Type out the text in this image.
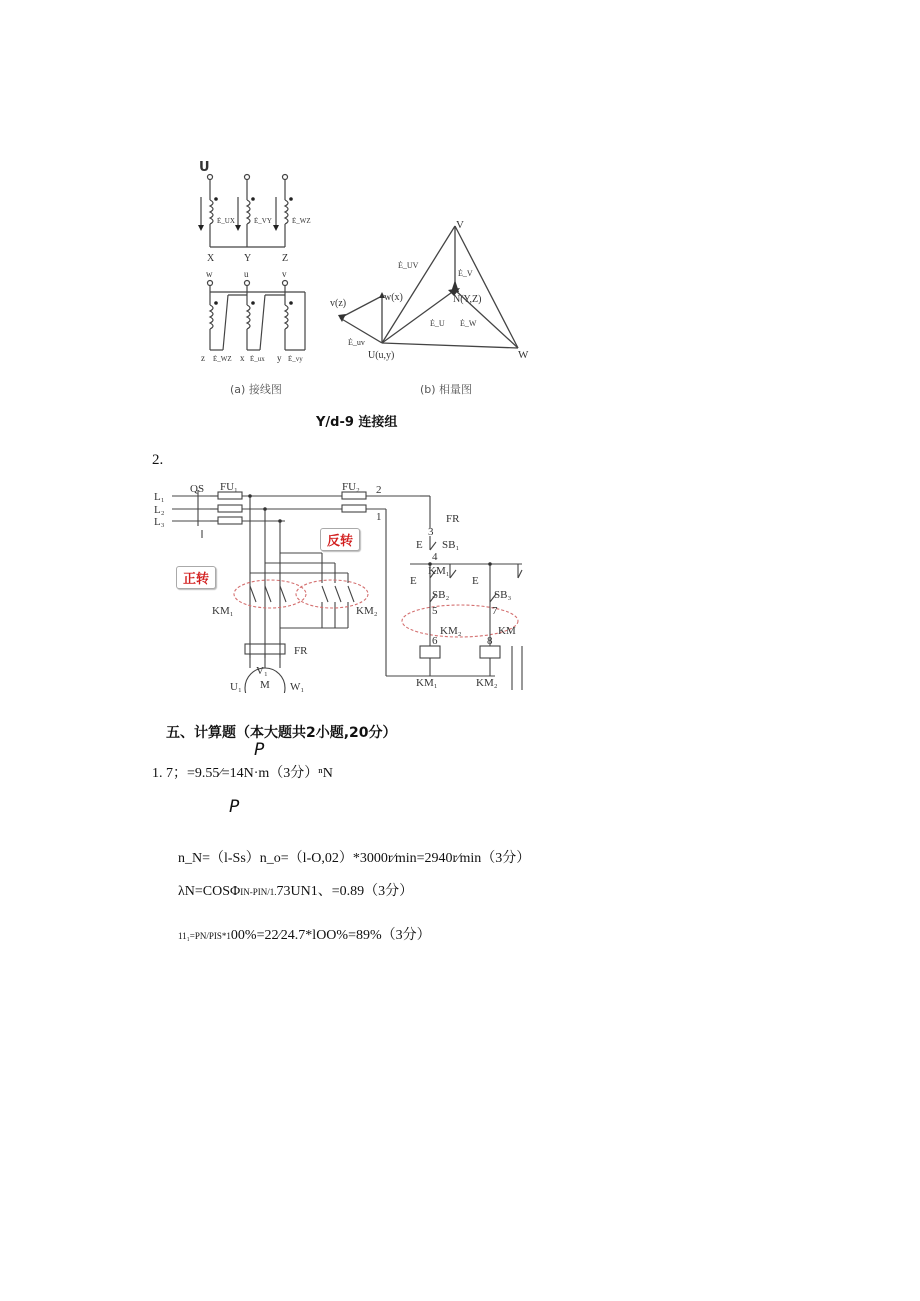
U
Ė_UX	Ė_VY	Ė_WZ
X	Y	Z
w	u	v
z	x	y
Ė_WZ	Ė_ux	Ė_vy
V
W
U(u,y)
N(Y,Z)
v(z)
w(x)
Ė_UV
Ė_V
Ė_U Ė_W
Ė_uv
(a) 接线图	(b) 相量图
Y/d-9 连接组
2.
L₁
L₂
L₃
QS FU₁	FU₂ 2
1	FR
3
E SB₁
4
KM₁
E
SB₂
E
SB₃
5	7
KM₂	KM
6	8
KM₁	KM₂
KM₁	KM₂
FR
V₁
U₁	W₁
M
正转
反转
五、计算题（本大题共2小题,20分）
P
1. 7；=9.55⁄=14N·m（3分）ⁿN
P
n_N=（l-Ss）n_o=（l-O,02）*3000r⁄min=2940r⁄min（3分）
λN=COSΦIN-PIN/1.73UN1、=0.89（3分）
11₁=PN/PIS*100%=22⁄24.7*lOO%=89%（3分）
